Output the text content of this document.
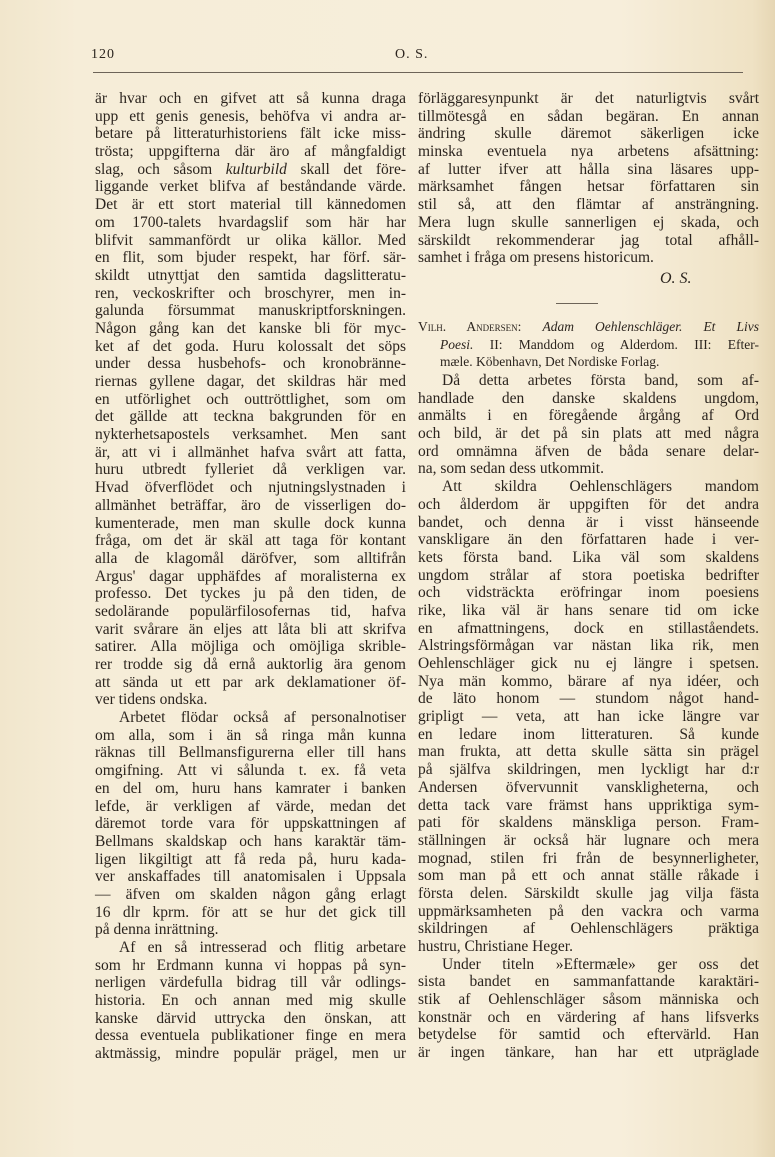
120	O. S.
är hvar och en gifvet att så kunna draga
upp ett genis genesis, behöfva vi andra ar-
betare på litteraturhistoriens fält icke miss-
trösta; uppgifterna där äro af mångfaldigt
slag, och såsom kulturbild skall det före-
liggande verket blifva af beståndande värde.
Det är ett stort material till kännedomen
om 1700-talets hvardagslif som här har
blifvit sammanfördt ur olika källor. Med
en flit, som bjuder respekt, har förf. sär-
skildt utnyttjat den samtida dagslitteratu-
ren, veckoskrifter och broschyrer, men in-
galunda försummat manuskriptforskningen.
Någon gång kan det kanske bli för myc-
ket af det goda. Huru kolossalt det söps
under dessa husbehofs- och kronobränne-
riernas gyllene dagar, det skildras här med
en utförlighet och outtröttlighet, som om
det gällde att teckna bakgrunden för en
nykterhetsapostels verksamhet. Men sant
är, att vi i allmänhet hafva svårt att fatta,
huru utbredt fylleriet då verkligen var.
Hvad öfverflödet och njutningslystnaden i
allmänhet beträffar, äro de visserligen do-
kumenterade, men man skulle dock kunna
fråga, om det är skäl att taga för kontant
alla de klagomål däröfver, som alltifrån
Argus' dagar upphäfdes af moralisterna ex
professo. Det tyckes ju på den tiden, de
sedolärande populärfilosofernas tid, hafva
varit svårare än eljes att låta bli att skrifva
satirer. Alla möjliga och omöjliga skrible-
rer trodde sig då ernå auktorlig ära genom
att sända ut ett par ark deklamationer öf-
ver tidens ondska.
Arbetet flödar också af personalnotiser
om alla, som i än så ringa mån kunna
räknas till Bellmansfigurerna eller till hans
omgifning. Att vi sålunda t. ex. få veta
en del om, huru hans kamrater i banken
lefde, är verkligen af värde, medan det
däremot torde vara för uppskattningen af
Bellmans skaldskap och hans karaktär täm-
ligen likgiltigt att få reda på, huru kada-
ver anskaffades till anatomisalen i Uppsala
— äfven om skalden någon gång erlagt
16 dlr kprm. för att se hur det gick till
på denna inrättning.
Af en så intresserad och flitig arbetare
som hr Erdmann kunna vi hoppas på syn-
nerligen värdefulla bidrag till vår odlings-
historia. En och annan med mig skulle
kanske därvid uttrycka den önskan, att
dessa eventuela publikationer finge en mera
aktmässig, mindre populär prägel, men ur
förläggaresynpunkt är det naturligtvis svårt
tillmötesgå en sådan begäran. En annan
ändring skulle däremot säkerligen icke
minska eventuela nya arbetens afsättning:
af lutter ifver att hålla sina läsares upp-
märksamhet fången hetsar författaren sin
stil så, att den flämtar af ansträngning.
Mera lugn skulle sannerligen ej skada, och
särskildt rekommenderar jag total afhåll-
samhet i fråga om presens historicum.
O. S.
Vilh. Andersen: Adam Oehlenschläger. Et Livs
Poesi. II: Manddom og Alderdom. III: Efter-
mæle. Köbenhavn, Det Nordiske Forlag.
Då detta arbetes första band, som af-
handlade den danske skaldens ungdom,
anmälts i en föregående årgång af Ord
och bild, är det på sin plats att med några
ord omnämna äfven de båda senare delar-
na, som sedan dess utkommit.
Att skildra Oehlenschlägers mandom
och ålderdom är uppgiften för det andra
bandet, och denna är i visst hänseende
vanskligare än den författaren hade i ver-
kets första band. Lika väl som skaldens
ungdom strålar af stora poetiska bedrifter
och vidsträckta eröfringar inom poesiens
rike, lika väl är hans senare tid om icke
en afmattningens, dock en stillaståendets.
Alstringsförmågan var nästan lika rik, men
Oehlenschläger gick nu ej längre i spetsen.
Nya män kommo, bärare af nya idéer, och
de läto honom — stundom något hand-
gripligt — veta, att han icke längre var
en ledare inom litteraturen. Så kunde
man frukta, att detta skulle sätta sin prägel
på själfva skildringen, men lyckligt har d:r
Andersen öfvervunnit vanskligheterna, och
detta tack vare främst hans uppriktiga sym-
pati för skaldens mänskliga person. Fram-
ställningen är också här lugnare och mera
mognad, stilen fri från de besynnerligheter,
som man på ett och annat ställe råkade i
första delen. Särskildt skulle jag vilja fästa
uppmärksamheten på den vackra och varma
skildringen af Oehlenschlägers präktiga
hustru, Christiane Heger.
Under titeln »Eftermæle» ger oss det
sista bandet en sammanfattande karaktäri-
stik af Oehlenschläger såsom människa och
konstnär och en värdering af hans lifsverks
betydelse för samtid och eftervärld. Han
är ingen tänkare, han har ett utpräglade
